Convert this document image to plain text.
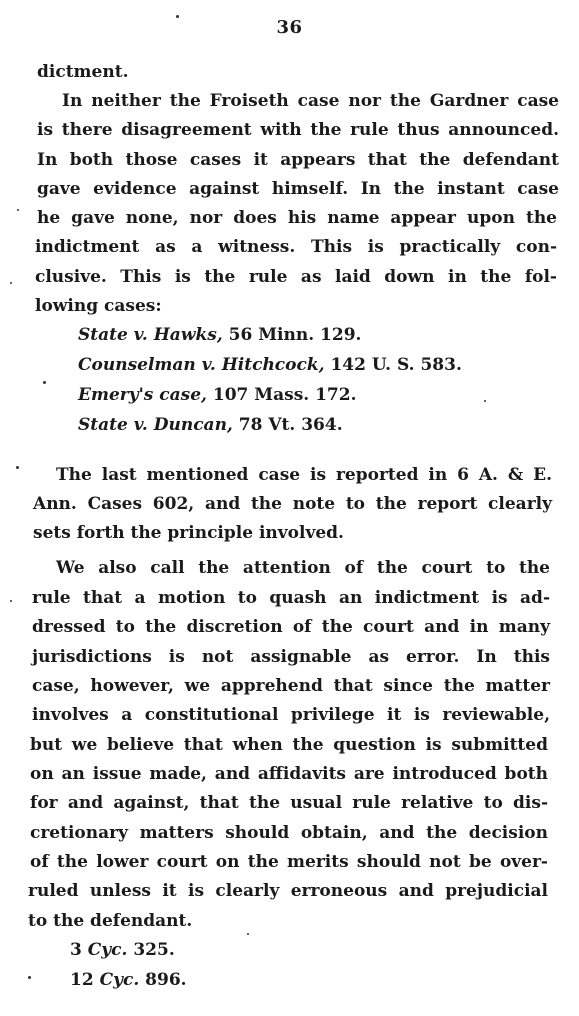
36
dictment.
In neither the Froiseth case nor the Gardner case
is there disagreement with the rule thus announced.
In both those cases it appears that the defendant
gave evidence against himself. In the instant case
he gave none, nor does his name appear upon the
indictment as a witness. This is practically con-
clusive. This is the rule as laid down in the fol-
lowing cases:
State v. Hawks, 56 Minn. 129.
Counselman v. Hitchcock, 142 U. S. 583.
Emery's case, 107 Mass. 172.
State v. Duncan, 78 Vt. 364.
The last mentioned case is reported in 6 A. & E.
Ann. Cases 602, and the note to the report clearly
sets forth the principle involved.
We also call the attention of the court to the
rule that a motion to quash an indictment is ad-
dressed to the discretion of the court and in many
jurisdictions is not assignable as error. In this
case, however, we apprehend that since the matter
involves a constitutional privilege it is reviewable,
but we believe that when the question is submitted
on an issue made, and affidavits are introduced both
for and against, that the usual rule relative to dis-
cretionary matters should obtain, and the decision
of the lower court on the merits should not be over-
ruled unless it is clearly erroneous and prejudicial
to the defendant.
3 Cyc. 325.
12 Cyc. 896.
